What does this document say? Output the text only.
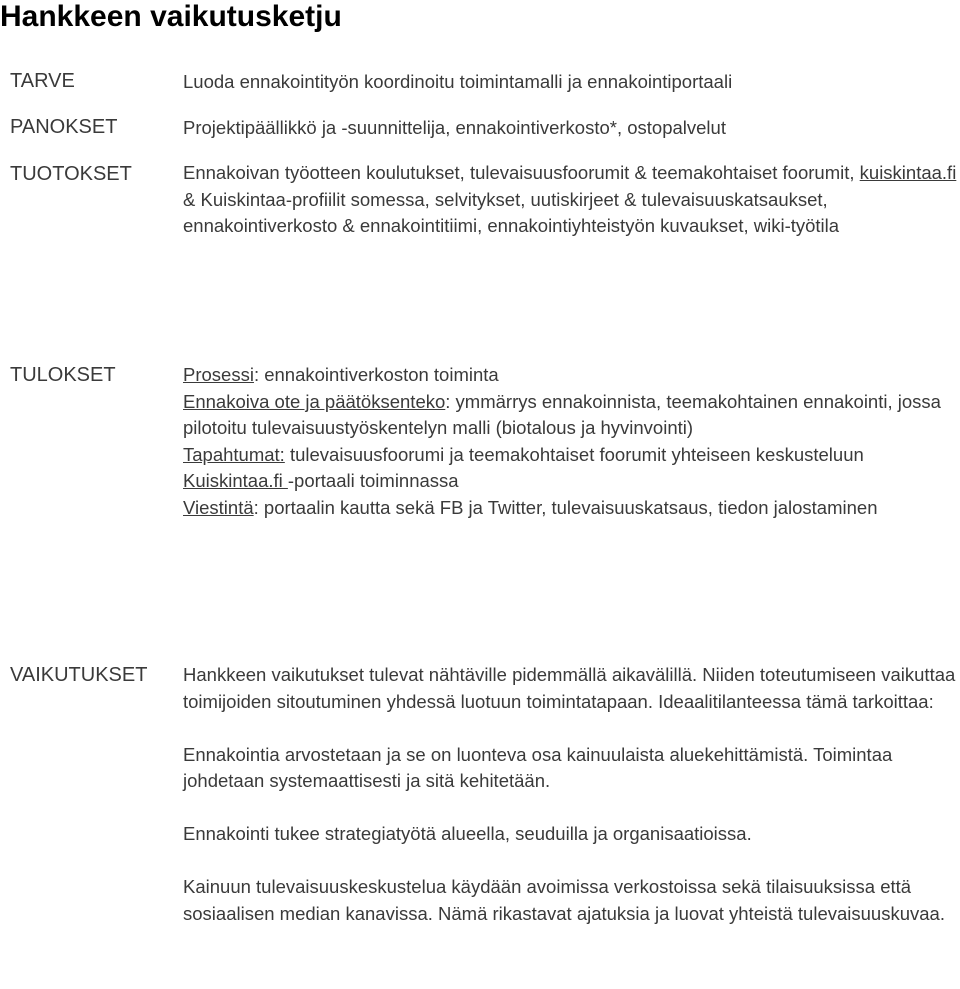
Hankkeen vaikutusketju
TARVE	Luoda ennakointityön koordinoitu toimintamalli ja ennakointiportaali

PANOKSET	Projektipäällikkö ja -suunnittelija, ennakointiverkosto*, ostopalvelut

TUOTOKSET	Ennakoivan työotteen koulutukset, tulevaisuusfoorumit & teemakohtaiset foorumit, kuiskintaa.fi & Kuiskintaa-profiilit somessa, selvitykset, uutiskirjeet & tulevaisuuskatsaukset, ennakointiverkosto & ennakointitiimi, ennakointiyhteistyön kuvaukset, wiki-työtila

TULOKSET	Prosessi: ennakointiverkoston toiminta

Ennakoiva ote ja päätöksenteko: ymmärrys ennakoinnista, teemakohtainen ennakointi, jossa pilotoitu tulevaisuustyöskentelyn malli (biotalous ja hyvinvointi)

Tapahtumat: tulevaisuusfoorumi ja teemakohtaiset foorumit yhteiseen keskusteluun

Kuiskintaa.fi -portaali toiminnassa

Viestintä: portaalin kautta sekä FB ja Twitter, tulevaisuuskatsaus, tiedon jalostaminen

VAIKUTUKSET Hankkeen vaikutukset tulevat nähtäville pidemmällä aikavälillä. Niiden toteutumiseen vaikuttaa toimijoiden sitoutuminen yhdessä luotuun toimintatapaan. Ideaalitilanteessa tämä tarkoittaa:

Ennakointia arvostetaan ja se on luonteva osa kainuulaista aluekehittämistä. Toimintaa johdetaan systemaattisesti ja sitä kehitetään.

Ennakointi tukee strategiatyötä alueella, seuduilla ja organisaatioissa.

Kainuun tulevaisuuskeskustelua käydään avoimissa verkostoissa sekä tilaisuuksissa että sosiaalisen median kanavissa. Nämä rikastavat ajatuksia ja luovat yhteistä tulevaisuuskuvaa.
